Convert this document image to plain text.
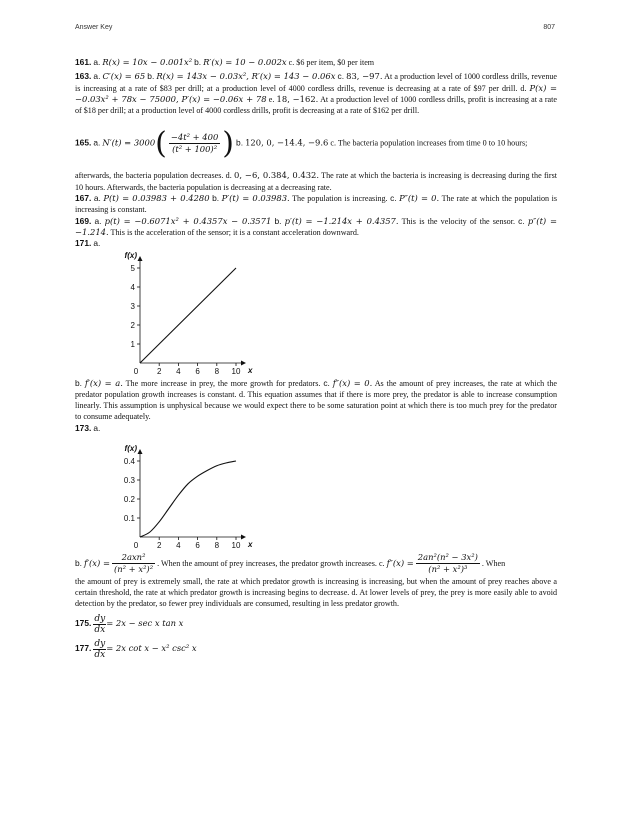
Answer Key	807

161. a. R(x) = 10x − 0.001x² b. R′(x) = 10 − 0.002x c. $6 per item, $0 per item

163. a. C′(x) = 65 b. R(x) = 143x − 0.03x², R′(x) = 143 − 0.06x c. 83, −97. At a production level of 1000 cordless drills, revenue is increasing at a rate of $83 per drill; at a production level of 4000 cordless drills, revenue is decreasing at a rate of $97 per drill. d. P(x) = −0.03x² + 78x − 75000, P′(x) = −0.06x + 78 e. 18, −162. At a production level of 1000 cordless drills, profit is increasing at a rate of $18 per drill; at a production level of 4000 cordless drills, profit is decreasing at a rate of $162 per drill.

165. a. $N'(t) = 3000( \frac{\text{−4t² + 400}}{\text{(t² + 100)²}}$ ) b. 120, 0, −14.4, −9.6 c. The bacteria population increases from time 0 to 10 hours;

afterwards, the bacteria population decreases. d. 0, −6, 0.384, 0.432. The rate at which the bacteria is increasing is decreasing during the first 10 hours. Afterwards, the bacteria population is decreasing at a decreasing rate.

167. a. P(t) = 0.03983 + 0.4280 b. P′(t) = 0.03983. The population is increasing. c. P″(t) = 0. The rate at which the population is increasing is constant.

169. a. p(t) = −0.6071x² + 0.4357x − 0.3571 b. p′(t) = −1.214x + 0.4357. This is the velocity of the sensor. c. p″(t) = −1.214. This is the acceleration of the sensor; it is a constant acceleration downward.

171. a.

0 2 4 6 8 10
1
2
3
4
5
f(x)
x

b. f′(x) = a. The more increase in prey, the more growth for predators. c. f″(x) = 0. As the amount of prey increases, the rate at which the predator population growth increases is constant. d. This equation assumes that if there is more prey, the predator is able to increase consumption linearly. This assumption is unphysical because we would expect there to be some saturation point at which there is too much prey for the predator to consume adequately.

173. a.

0 2 4 6 8 10
0.1
0.2
0.3
0.4
f(x)
x
b.
$f'(x) = \frac{\text{2axn²}}{\text{(n² + x²)²}}$ . When the amount of prey increases, the predator growth increases. c.
$f''(x) = \frac{\text{2an²(n² − 3x²)}}{\text{(n² + x²)³}}$ . When

the amount of prey is extremely small, the rate at which predator growth is increasing is increasing, but when the amount of prey reaches above a certain threshold, the rate at which predator growth is increasing begins to decrease. d. At lower levels of prey, the prey is more easily able to avoid detection by the predator, so fewer prey individuals are consumed, resulting in less predator growth.

175.
$\frac{dy}{dx} = 2x - \sec x$ tan x
177.
$\frac{dy}{dx} = 2x$ cot x − x² csc² x
